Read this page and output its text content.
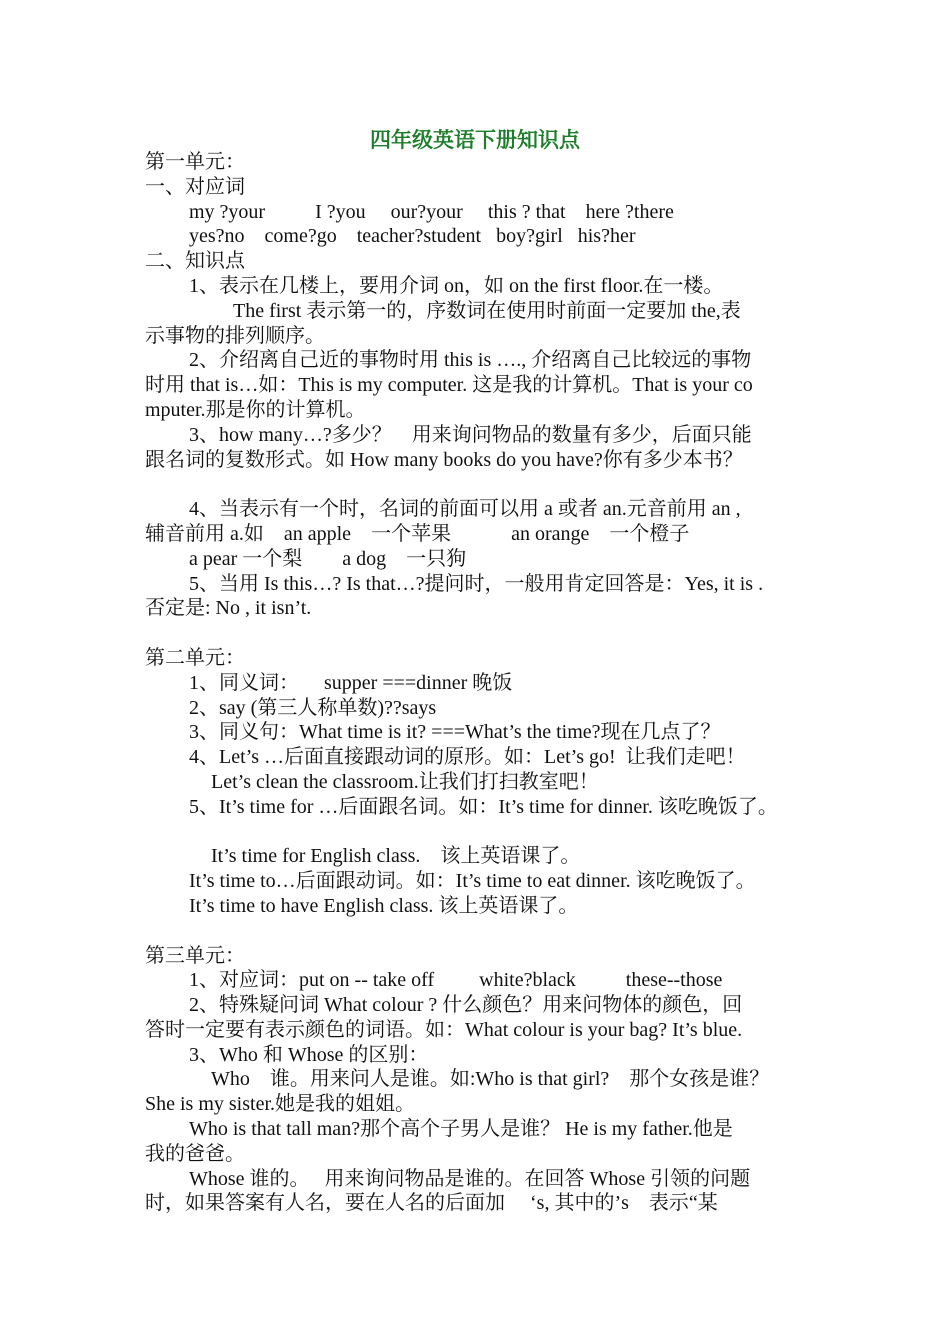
四年级英语下册知识点
第一单元：
一、对应词
my ?your          I ?you     our?your     this ? that    here ?there
yes?no    come?go    teacher?student   boy?girl   his?her
二、知识点
1、表示在几楼上，要用介词 on，如 on the first floor.在一楼。
The first 表示第一的，序数词在使用时前面一定要加 the,表
示事物的排列顺序。
2、介绍离自己近的事物时用 this is …., 介绍离自己比较远的事物
时用 that is…如：This is my computer. 这是我的计算机。That is your co
mputer.那是你的计算机。
3、how many…?多少？    用来询问物品的数量有多少，后面只能
跟名词的复数形式。如 How many books do you have?你有多少本书？
4、当表示有一个时，名词的前面可以用 a 或者 an.元音前用 an ,
辅音前用 a.如    an apple    一个苹果            an orange    一个橙子
a pear 一个梨        a dog    一只狗
5、当用 Is this…? Is that…?提问时，一般用肯定回答是：Yes, it is .
否定是: No , it isn’t.
第二单元：
1、同义词：     supper ===dinner 晚饭
2、say (第三人称单数)??says
3、同义句：What time is it? ===What’s the time?现在几点了？
4、Let’s …后面直接跟动词的原形。如：Let’s go!  让我们走吧！
Let’s clean the classroom.让我们打扫教室吧！
5、It’s time for …后面跟名词。如：It’s time for dinner. 该吃晚饭了。
It’s time for English class.    该上英语课了。
It’s time to…后面跟动词。如：It’s time to eat dinner. 该吃晚饭了。
It’s time to have English class. 该上英语课了。
第三单元：
1、对应词：put on -- take off         white?black          these--those
2、特殊疑问词 What colour ? 什么颜色？用来问物体的颜色，回
答时一定要有表示颜色的词语。如：What colour is your bag? It’s blue.
3、Who 和 Whose 的区别：
Who    谁。用来问人是谁。如:Who is that girl?    那个女孩是谁？
She is my sister.她是我的姐姐。
Who is that tall man?那个高个子男人是谁？ He is my father.他是
我的爸爸。
Whose 谁的。   用来询问物品是谁的。在回答 Whose 引领的问题
时，如果答案有人名，要在人名的后面加     ‘s, 其中的’s    表示“某
